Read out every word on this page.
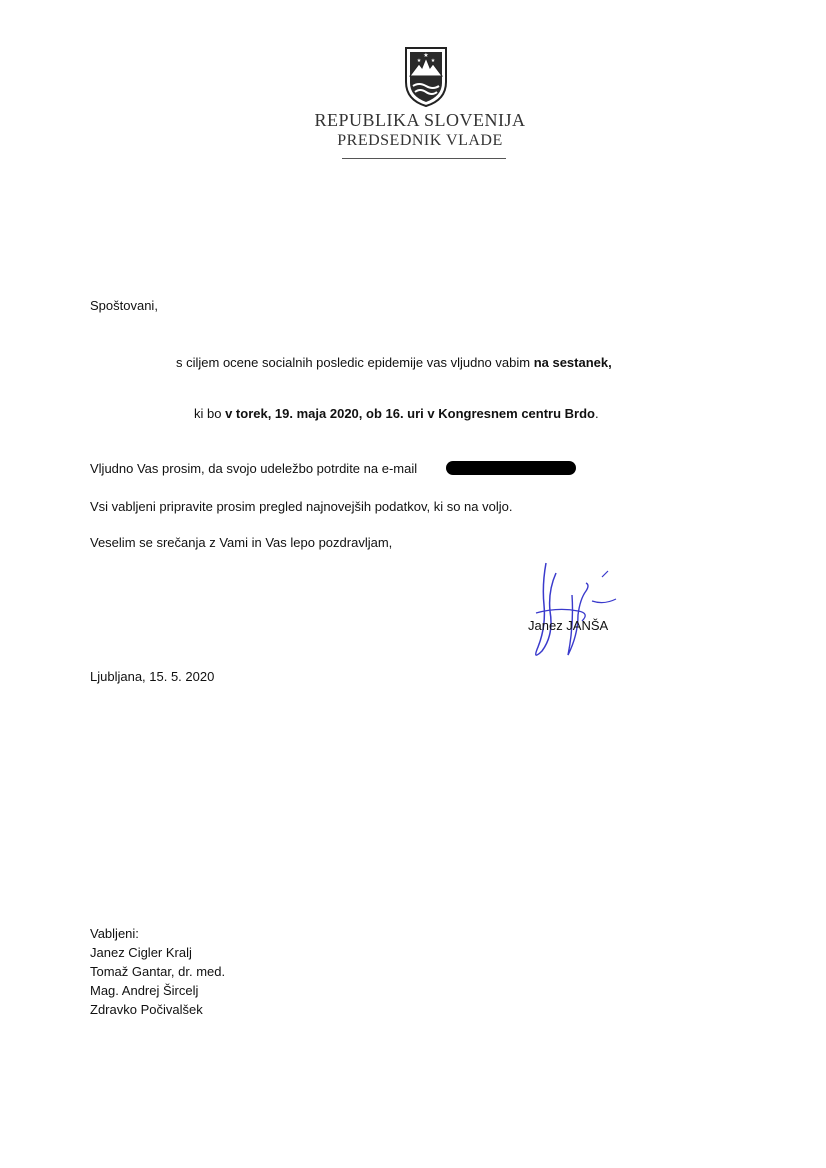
★
★ ★
REPUBLIKA SLOVENIJA
PREDSEDNIK VLADE
Spoštovani,
s ciljem ocene socialnih posledic epidemije vas vljudno vabim na sestanek,
ki bo v torek, 19. maja 2020, ob 16. uri v Kongresnem centru Brdo.
Vljudno Vas prosim, da svojo udeležbo potrdite na e-mail
Vsi vabljeni pripravite prosim pregled najnovejših podatkov, ki so na voljo.
Veselim se srečanja z Vami in Vas lepo pozdravljam,
Janez JANŠA
Ljubljana, 15. 5. 2020
Vabljeni:
Janez Cigler Kralj
Tomaž Gantar, dr. med.
Mag. Andrej Šircelj
Zdravko Počivalšek
